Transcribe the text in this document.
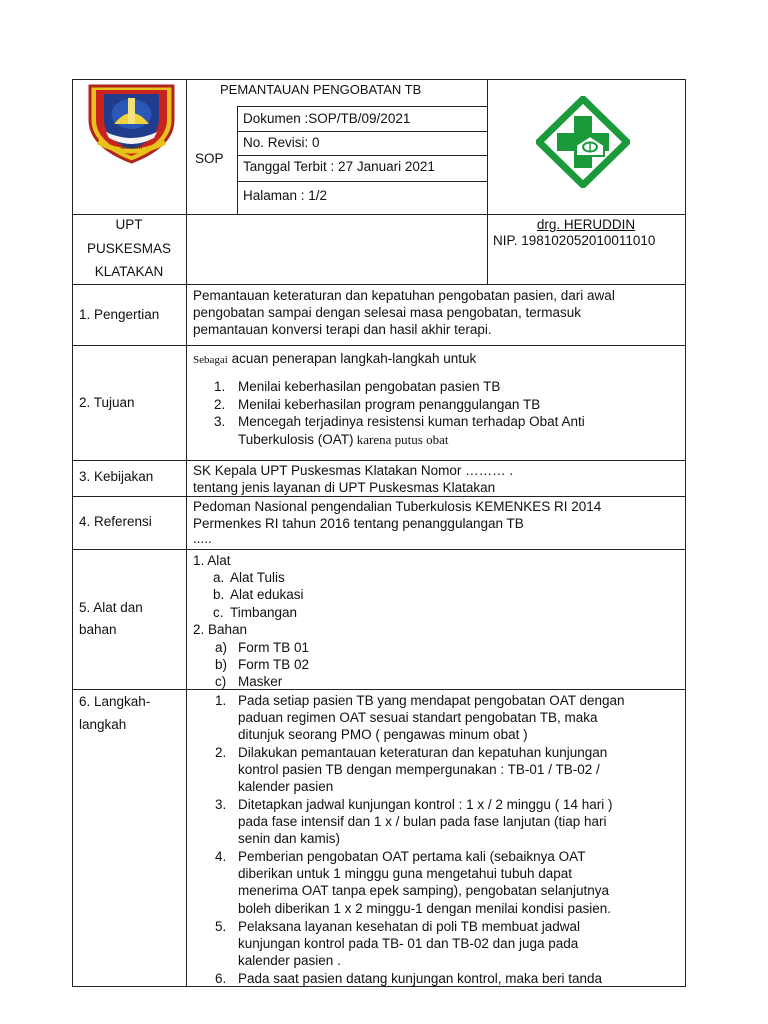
JEMBER
PEMANTAUAN PENGOBATAN TB
SOP
Dokumen :SOP/TB/09/2021
No. Revisi: 0
Tanggal Terbit : 27 Januari 2021
Halaman : 1/2
UPT
PUSKESMAS
KLATAKAN
drg. HERUDDIN
NIP. 198102052010011010
1. Pengertian
Pemantauan keteraturan dan kepatuhan pengobatan pasien, dari awal
pengobatan sampai dengan selesai masa pengobatan, termasuk
pemantauan konversi terapi dan hasil akhir terapi.
2. Tujuan
Sebagai acuan penerapan langkah-langkah untuk
1. Menilai keberhasilan pengobatan pasien TB
2. Menilai keberhasilan program penanggulangan TB
3. Mencegah terjadinya resistensi kuman terhadap Obat Anti
Tuberkulosis (OAT) karena putus obat
3. Kebijakan	SK Kepala UPT Puskesmas Klatakan Nomor ……… .
tentang jenis layanan di UPT Puskesmas Klatakan
4. Referensi
Pedoman Nasional pengendalian Tuberkulosis KEMENKES RI 2014
Permenkes RI tahun 2016 tentang penanggulangan TB
.....
5. Alat dan
bahan
1. Alat
a. Alat Tulis
b. Alat edukasi
c. Timbangan
2. Bahan
a) Form TB 01
b) Form TB 02
c) Masker
6. Langkah-
langkah
1. Pada setiap pasien TB yang mendapat pengobatan OAT dengan
paduan regimen OAT sesuai standart pengobatan TB, maka
ditunjuk seorang PMO ( pengawas minum obat )
2. Dilakukan pemantauan keteraturan dan kepatuhan kunjungan
kontrol pasien TB dengan mempergunakan : TB-01 / TB-02 /
kalender pasien
3. Ditetapkan jadwal kunjungan kontrol : 1 x / 2 minggu ( 14 hari )
pada fase intensif dan 1 x / bulan pada fase lanjutan (tiap hari
senin dan kamis)
4. Pemberian pengobatan OAT pertama kali (sebaiknya OAT
diberikan untuk 1 minggu guna mengetahui tubuh dapat
menerima OAT tanpa epek samping), pengobatan selanjutnya
boleh diberikan 1 x 2 minggu-1 dengan menilai kondisi pasien.
5. Pelaksana layanan kesehatan di poli TB membuat jadwal
kunjungan kontrol pada TB- 01 dan TB-02 dan juga pada
kalender pasien .
6. Pada saat pasien datang kunjungan kontrol, maka beri tanda
